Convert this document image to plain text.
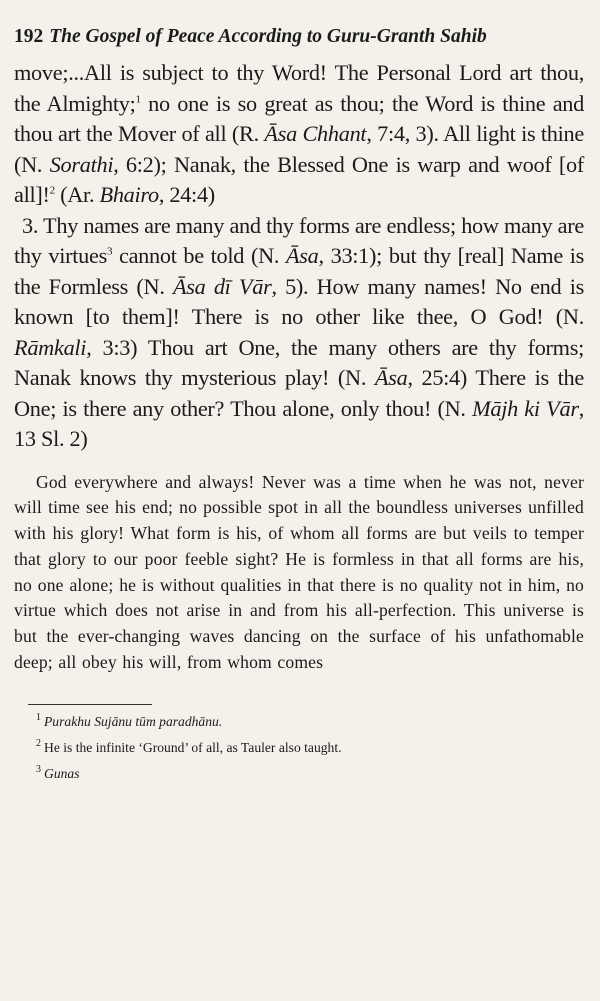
192 The Gospel of Peace According to Guru-Granth Sahib

move;...All is subject to thy Word! The Personal Lord art thou, the Almighty;$^1$ no one is so great as thou; the Word is thine and thou art the Mover of all (R. Āsa Chhant, 7:4, 3). All light is thine (N. Sorathi, 6:2); Nanak, the Blessed One is warp and woof [of all]!$^2$ (Ar. Bhairo, 24:4)

3. Thy names are many and thy forms are endless; how many are thy virtues$^3$ cannot be told (N. Āsa, 33:1); but thy [real] Name is the Formless (N. Āsa dī Vār, 5). How many names! No end is known [to them]! There is no other like thee, O God! (N. Rāmkali, 3:3) Thou art One, the many others are thy forms; Nanak knows thy mysterious play! (N. Āsa, 25:4) There is the One; is there any other? Thou alone, only thou! (N. Mājh ki Vār, 13 Sl. 2)

God everywhere and always! Never was a time when he was not, never will time see his end; no possible spot in all the boundless universes unfilled with his glory! What form is his, of whom all forms are but veils to temper that glory to our poor feeble sight? He is formless in that all forms are his, no one alone; he is without qualities in that there is no quality not in him, no virtue which does not arise in and from his all-perfection. This universe is but the ever-changing waves dancing on the surface of his unfathomable deep; all obey his will, from whom comes

$^1$ Purakhu Sujānu tūm paradhānu.
$^2$ He is the infinite ‘Ground’ of all, as Tauler also taught.
$^3$ Gunas
